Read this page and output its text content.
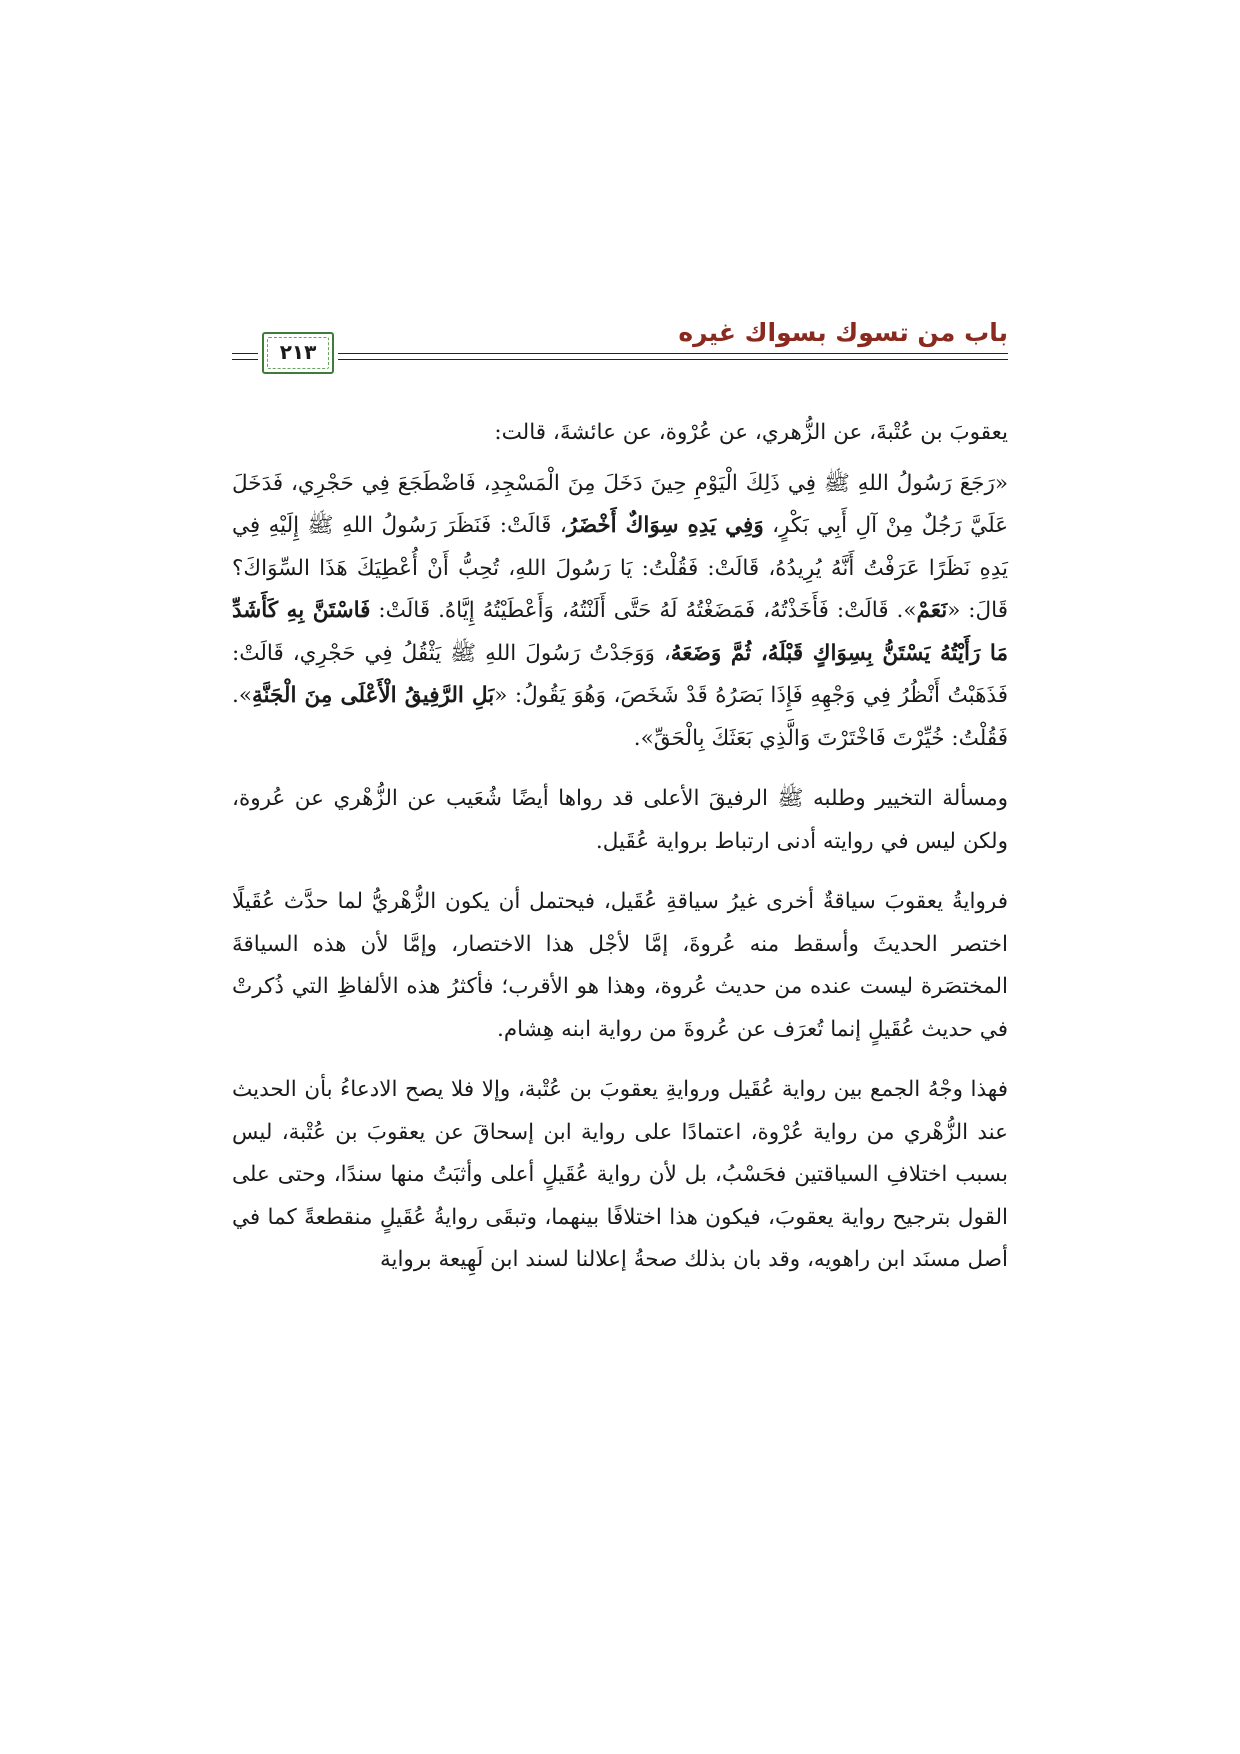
باب من تسوك بسواك غيره
٢١٣

يعقوبَ بن عُتْبةَ، عن الزُّهري، عن عُرْوة، عن عائشةَ، قالت:

«رَجَعَ رَسُولُ اللهِ ﷺ فِي ذَلِكَ الْيَوْمِ حِينَ دَخَلَ مِنَ الْمَسْجِدِ، فَاضْطَجَعَ فِي حَجْرِي، فَدَخَلَ عَلَيَّ رَجُلٌ مِنْ آلِ أَبِي بَكْرٍ، وَفِي يَدِهِ سِوَاكٌ أَخْضَرُ، قَالَتْ: فَنَظَرَ رَسُولُ اللهِ ﷺ إِلَيْهِ فِي يَدِهِ نَظَرًا عَرَفْتُ أَنَّهُ يُرِيدُهُ، قَالَتْ: فَقُلْتُ: يَا رَسُولَ اللهِ، تُحِبُّ أَنْ أُعْطِيَكَ هَذَا السِّوَاكَ؟ قَالَ: «نَعَمْ». قَالَتْ: فَأَخَذْتُهُ، فَمَضَغْتُهُ لَهُ حَتَّى أَلَنْتُهُ، وَأَعْطَيْتُهُ إِيَّاهُ. قَالَتْ: فَاسْتَنَّ بِهِ كَأَشَدِّ مَا رَأَيْتُهُ يَسْتَنُّ بِسِوَاكٍ قَبْلَهُ، ثُمَّ وَضَعَهُ، وَوَجَدْتُ رَسُولَ اللهِ ﷺ يَثْقُلُ فِي حَجْرِي، قَالَتْ: فَذَهَبْتُ أَنْظُرُ فِي وَجْهِهِ فَإِذَا بَصَرُهُ قَدْ شَخَصَ، وَهُوَ يَقُولُ: «بَلِ الرَّفِيقُ الْأَعْلَى مِنَ الْجَنَّةِ». فَقُلْتُ: خُيِّرْتَ فَاخْتَرْتَ وَالَّذِي بَعَثَكَ بِالْحَقِّ».

ومسألة التخيير وطلبه ﷺ الرفيقَ الأعلى قد رواها أيضًا شُعَيب عن الزُّهْري عن عُروة، ولكن ليس في روايته أدنى ارتباط برواية عُقَيل.

فروايةُ يعقوبَ سياقةٌ أخرى غيرُ سياقةِ عُقَيل، فيحتمل أن يكون الزُّهْريُّ لما حدَّث عُقَيلًا اختصر الحديثَ وأسقط منه عُروةَ، إمَّا لأجْل هذا الاختصار، وإمَّا لأن هذه السياقةَ المختصَرة ليست عنده من حديث عُروة، وهذا هو الأقرب؛ فأكثرُ هذه الألفاظِ التي ذُكرتْ في حديث عُقَيلٍ إنما تُعرَف عن عُروةَ من رواية ابنه هِشام.

فهذا وجْهُ الجمع بين رواية عُقَيل وروايةِ يعقوبَ بن عُتْبة، وإلا فلا يصح الادعاءُ بأن الحديث عند الزُّهْري من رواية عُرْوة، اعتمادًا على رواية ابن إسحاقَ عن يعقوبَ بن عُتْبة، ليس بسبب اختلافِ السياقتين فحَسْبُ، بل لأن رواية عُقَيلٍ أعلى وأثبَتُ منها سندًا، وحتى على القول بترجيح رواية يعقوبَ، فيكون هذا اختلافًا بينهما، وتبقَى روايةُ عُقَيلٍ منقطعةً كما في أصل مسنَد ابن راهويه، وقد بان بذلك صحةُ إعلالنا لسند ابن لَهِيعة برواية
